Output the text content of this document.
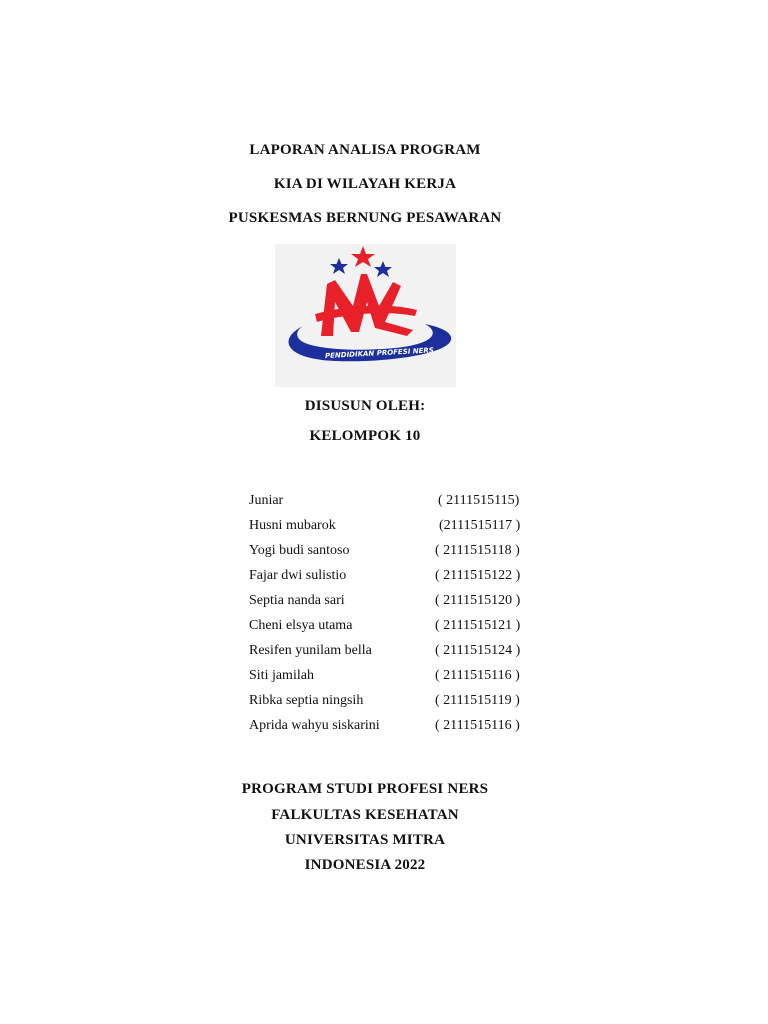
LAPORAN ANALISA PROGRAM
KIA DI WILAYAH KERJA
PUSKESMAS BERNUNG PESAWARAN
PENDIDIKAN PROFESI NERS
DISUSUN OLEH:
KELOMPOK 10
Juniar	( 2111515115)
Husni mubarok	(2111515117 )
Yogi budi santoso	( 2111515118 )
Fajar dwi sulistio	( 2111515122 )
Septia nanda sari	( 2111515120 )
Cheni elsya utama	( 2111515121 )
Resifen yunilam bella	( 2111515124 )
Siti jamilah	( 2111515116 )
Ribka septia ningsih	( 2111515119 )
Aprida wahyu siskarini	( 2111515116 )
PROGRAM STUDI PROFESI NERS
FALKULTAS KESEHATAN
UNIVERSITAS MITRA
INDONESIA 2022
